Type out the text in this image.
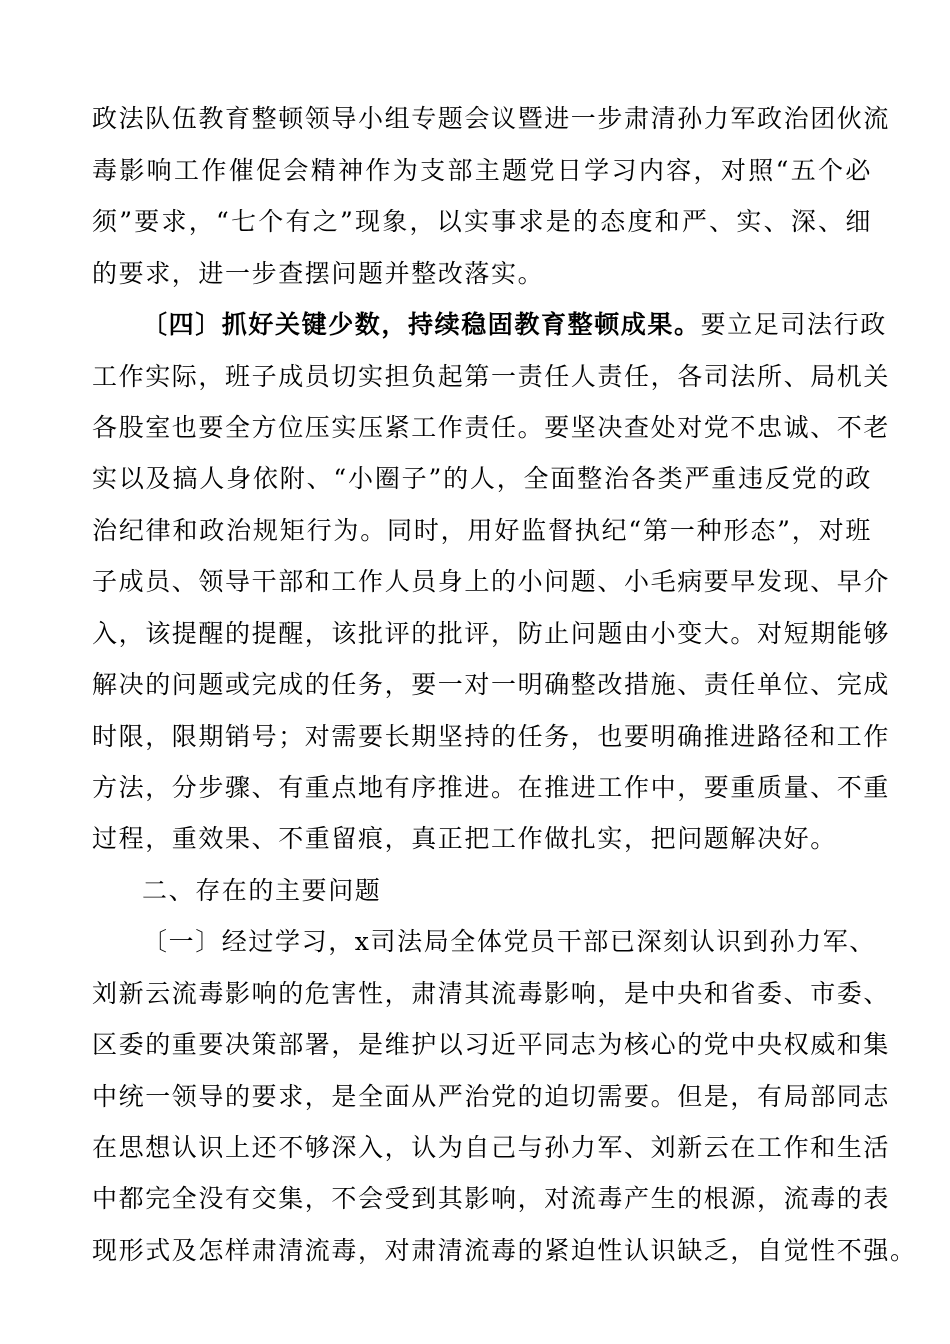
政法队伍教育整顿领导小组专题会议暨进一步肃清孙力军政治团伙流
毒影响工作催促会精神作为支部主题党日学习内容，对照“五个必
须”要求，“七个有之”现象，以实事求是的态度和严、实、深、细
的要求，进一步查摆问题并整改落实。
〔四〕抓好关键少数，持续稳固教育整顿成果。要立足司法行政
工作实际，班子成员切实担负起第一责任人责任，各司法所、局机关
各股室也要全方位压实压紧工作责任。要坚决查处对党不忠诚、不老
实以及搞人身依附、“小圈子”的人，全面整治各类严重违反党的政
治纪律和政治规矩行为。同时，用好监督执纪“第一种形态”，对班
子成员、领导干部和工作人员身上的小问题、小毛病要早发现、早介
入，该提醒的提醒，该批评的批评，防止问题由小变大。对短期能够
解决的问题或完成的任务，要一对一明确整改措施、责任单位、完成
时限，限期销号；对需要长期坚持的任务，也要明确推进路径和工作
方法，分步骤、有重点地有序推进。在推进工作中，要重质量、不重
过程，重效果、不重留痕，真正把工作做扎实，把问题解决好。
二、存在的主要问题
〔一〕经过学习，x司法局全体党员干部已深刻认识到孙力军、
刘新云流毒影响的危害性，肃清其流毒影响，是中央和省委、市委、
区委的重要决策部署，是维护以习近平同志为核心的党中央权威和集
中统一领导的要求，是全面从严治党的迫切需要。但是，有局部同志
在思想认识上还不够深入，认为自己与孙力军、刘新云在工作和生活
中都完全没有交集，不会受到其影响，对流毒产生的根源，流毒的表
现形式及怎样肃清流毒，对肃清流毒的紧迫性认识缺乏，自觉性不强。
